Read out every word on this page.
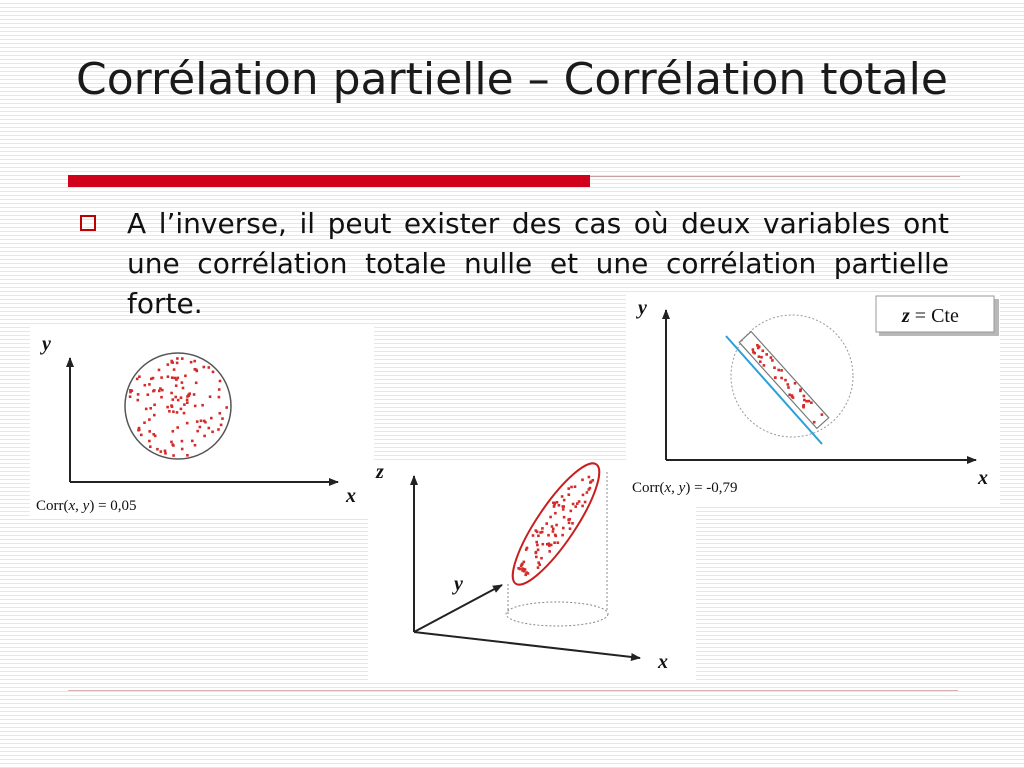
Corrélation partielle – Corrélation totale

A l’inverse, il peut exister des cas où deux variables ont une corrélation totale nulle et une corrélation partielle forte.

y
x
Corr(x, y) = 0,05
z
y
x
y
x
z = Cte
Corr(x, y) = -0,79
